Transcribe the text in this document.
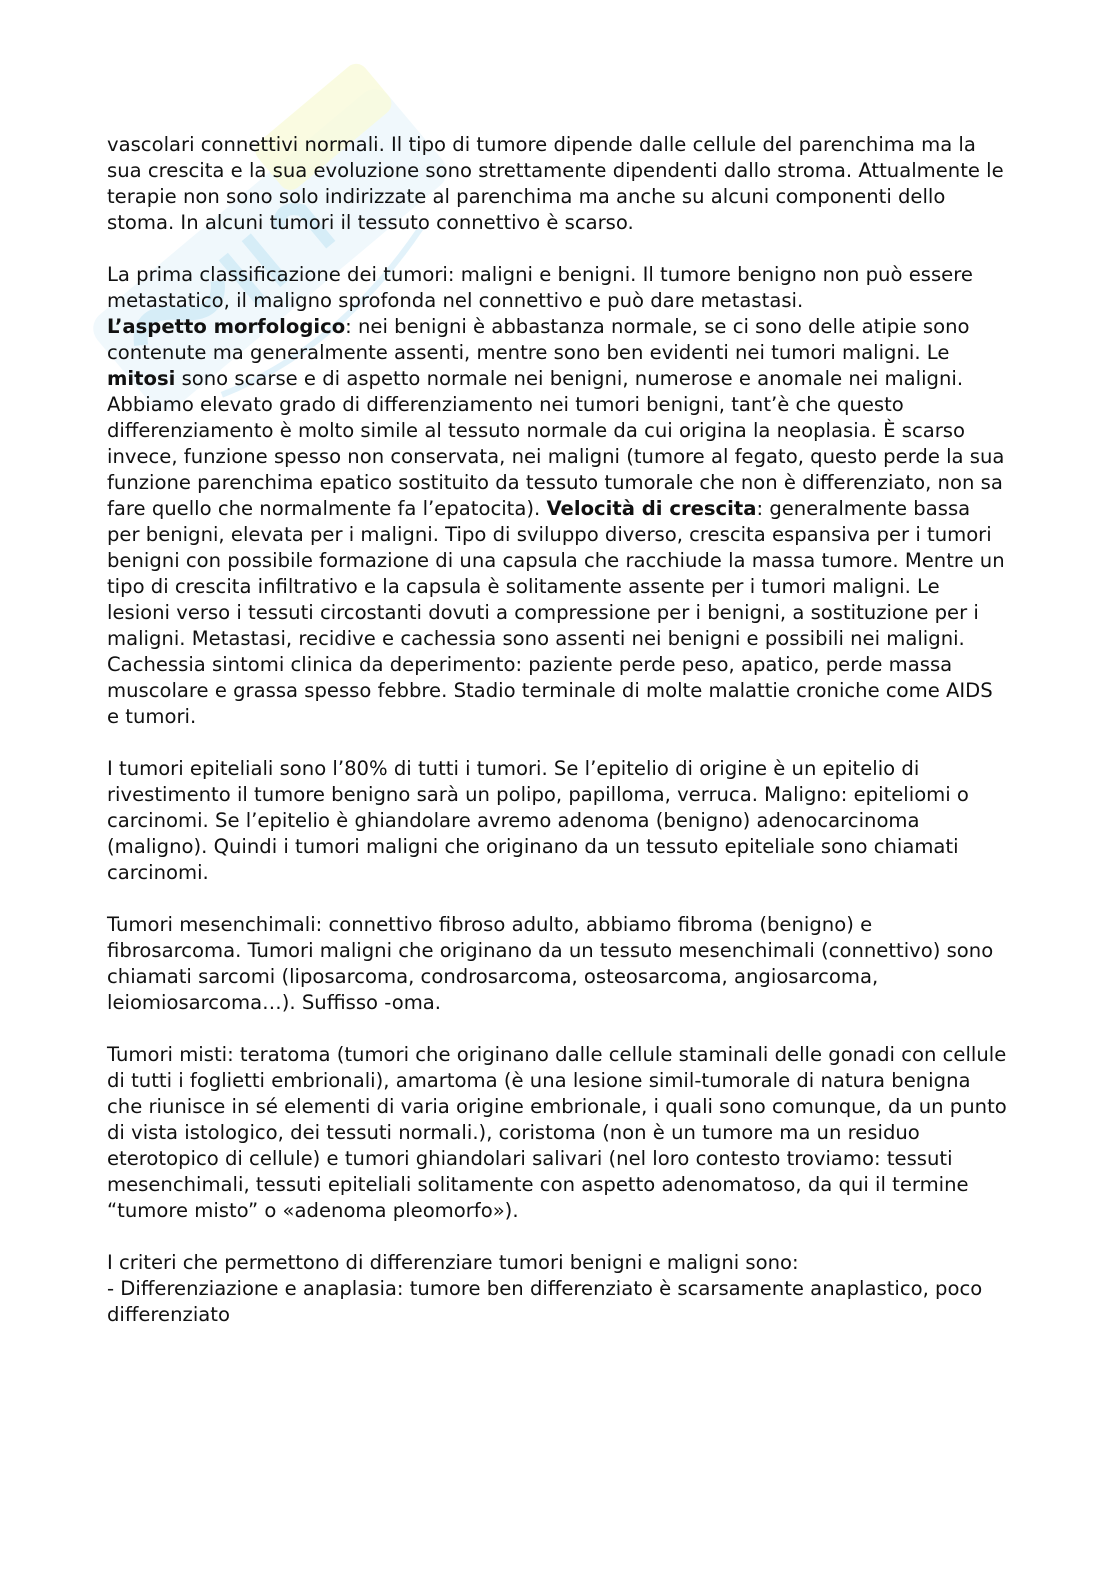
vascolari connettivi normali. Il tipo di tumore dipende dalle cellule del parenchima ma la sua crescita e la sua evoluzione sono strettamente dipendenti dallo stroma. Attualmente le terapie non sono solo indirizzate al parenchima ma anche su alcuni componenti dello stoma. In alcuni tumori il tessuto connettivo è scarso.

La prima classificazione dei tumori: maligni e benigni. Il tumore benigno non può essere metastatico, il maligno sprofonda nel connettivo e può dare metastasi.

L’aspetto morfologico: nei benigni è abbastanza normale, se ci sono delle atipie sono contenute ma generalmente assenti, mentre sono ben evidenti nei tumori maligni. Le mitosi sono scarse e di aspetto normale nei benigni, numerose e anomale nei maligni. Abbiamo elevato grado di differenziamento nei tumori benigni, tant’è che questo differenziamento è molto simile al tessuto normale da cui origina la neoplasia. È scarso invece, funzione spesso non conservata, nei maligni (tumore al fegato, questo perde la sua funzione parenchima epatico sostituito da tessuto tumorale che non è differenziato, non sa fare quello che normalmente fa l’epatocita). Velocità di crescita: generalmente bassa per benigni, elevata per i maligni. Tipo di sviluppo diverso, crescita espansiva per i tumori benigni con possibile formazione di una capsula che racchiude la massa tumore. Mentre un tipo di crescita infiltrativo e la capsula è solitamente assente per i tumori maligni. Le lesioni verso i tessuti circostanti dovuti a compressione per i benigni, a sostituzione per i maligni. Metastasi, recidive e cachessia sono assenti nei benigni e possibili nei maligni. Cachessia sintomi clinica da deperimento: paziente perde peso, apatico, perde massa muscolare e grassa spesso febbre. Stadio terminale di molte malattie croniche come AIDS e tumori.

I tumori epiteliali sono l’80% di tutti i tumori. Se l’epitelio di origine è un epitelio di rivestimento il tumore benigno sarà un polipo, papilloma, verruca. Maligno: epiteliomi o carcinomi. Se l’epitelio è ghiandolare avremo adenoma (benigno) adenocarcinoma (maligno). Quindi i tumori maligni che originano da un tessuto epiteliale sono chiamati carcinomi.

Tumori mesenchimali: connettivo fibroso adulto, abbiamo fibroma (benigno) e fibrosarcoma. Tumori maligni che originano da un tessuto mesenchimali (connettivo) sono chiamati sarcomi (liposarcoma, condrosarcoma, osteosarcoma, angiosarcoma, leiomiosarcoma…). Suffisso -oma.

Tumori misti: teratoma (tumori che originano dalle cellule staminali delle gonadi con cellule di tutti i foglietti embrionali), amartoma (è una lesione simil-tumorale di natura benigna che riunisce in sé elementi di varia origine embrionale, i quali sono comunque, da un punto di vista istologico, dei tessuti normali.), coristoma (non è un tumore ma un residuo eterotopico di cellule) e tumori ghiandolari salivari (nel loro contesto troviamo: tessuti mesenchimali, tessuti epiteliali solitamente con aspetto adenomatoso, da qui il termine “tumore misto” o «adenoma pleomorfo»).

I criteri che permettono di differenziare tumori benigni e maligni sono:
- Differenziazione e anaplasia: tumore ben differenziato è scarsamente anaplastico, poco differenziato
